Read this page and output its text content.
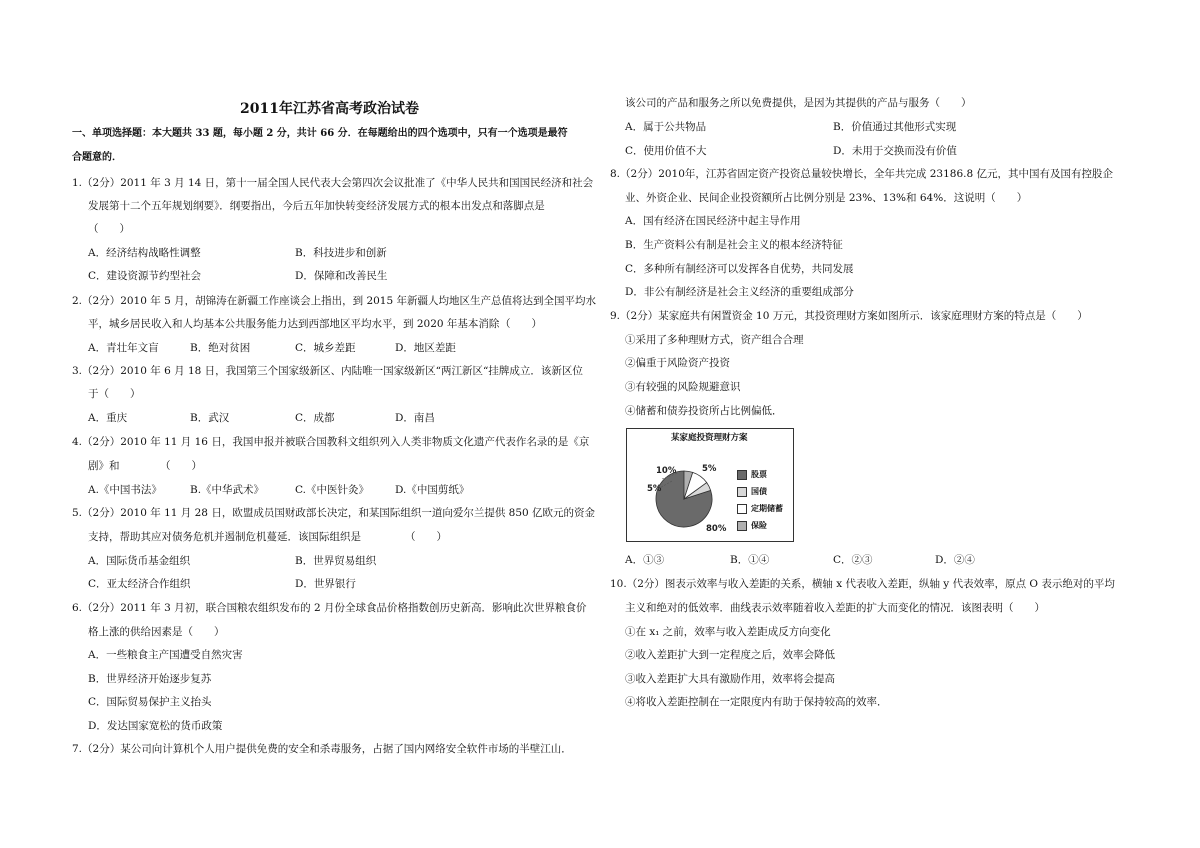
2011年江苏省高考政治试卷
一、单项选择题：本大题共 33 题，每小题 2 分，共计 66 分．在每题给出的四个选项中，只有一个选项是最符
合题意的．
1.（2分）2011 年 3 月 14 日，第十一届全国人民代表大会第四次会议批准了《中华人民共和国国民经济和社会
发展第十二个五年规划纲要》．纲要指出，今后五年加快转变经济发展方式的根本出发点和落脚点是
（　　）
A．经济结构战略性调整	B．科技进步和创新
C．建设资源节约型社会	D．保障和改善民生
2.（2分）2010 年 5 月，胡锦涛在新疆工作座谈会上指出，到 2015 年新疆人均地区生产总值将达到全国平均水
平，城乡居民收入和人均基本公共服务能力达到西部地区平均水平，到 2020 年基本消除 （　　）
A．青壮年文盲	B．绝对贫困	C．城乡差距	D．地区差距
3.（2分）2010 年 6 月 18 日，我国第三个国家级新区、内陆唯一国家级新区“两江新区“挂牌成立．该新区位
于（　　）
A．重庆	B．武汉	C．成都	D．南昌
4.（2分）2010 年 11 月 16 日，我国申报并被联合国教科文组织列入人类非物质文化遗产代表作名录的是《京
剧》和	（　　）
A.《中国书法》	B.《中华武术》	C.《中医针灸》 D.《中国剪纸》
5.（2分）2010 年 11 月 28 日，欧盟成员国财政部长决定，和某国际组织一道向爱尔兰提供 850 亿欧元的资金
支持，帮助其应对债务危机并遏制危机蔓延．该国际组织是	（　　）
A．国际货币基金组织	B．世界贸易组织
C．亚太经济合作组织	D．世界银行
6.（2分）2011 年 3 月初，联合国粮农组织发布的 2 月份全球食品价格指数创历史新高．影响此次世界粮食价
格上涨的供给因素是（　　）
A．一些粮食主产国遭受自然灾害
B．世界经济开始逐步复苏
C．国际贸易保护主义抬头
D．发达国家宽松的货币政策
7.（2分）某公司向计算机个人用户提供免费的安全和杀毒服务，占据了国内网络安全软件市场的半壁江山．
该公司的产品和服务之所以免费提供，是因为其提供的产品与服务（　　）
A．属于公共物品	B．价值通过其他形式实现
C．使用价值不大	D．未用于交换而没有价值
8.（2分）2010年，江苏省固定资产投资总量较快增长，全年共完成 23186.8 亿元，其中国有及国有控股企
业、外资企业、民间企业投资额所占比例分别是 23%、13%和 64%．这说明（　　）
A．国有经济在国民经济中起主导作用
B．生产资料公有制是社会主义的根本经济特征
C．多种所有制经济可以发挥各自优势，共同发展
D．非公有制经济是社会主义经济的重要组成部分
9.（2分）某家庭共有闲置资金 10 万元，其投资理财方案如图所示．该家庭理财方案的特点是（　　）
①采用了多种理财方式，资产组合合理
②偏重于风险资产投资
③有较强的风险规避意识
④储蓄和债券投资所占比例偏低．
某家庭投资理财方案
80%
5%
10%
5%
股票
国债
定期储蓄
保险
A．①③	B．①④	C．②③	D．②④
10.（2分）图表示效率与收入差距的关系，横轴 x 代表收入差距，纵轴 y 代表效率，原点 O 表示绝对的平均
主义和绝对的低效率．曲线表示效率随着收入差距的扩大而变化的情况．该图表明（　　）
①在 x₁ 之前，效率与收入差距成反方向变化
②收入差距扩大到一定程度之后，效率会降低
③收入差距扩大具有激励作用，效率将会提高
④将收入差距控制在一定限度内有助于保持较高的效率．
